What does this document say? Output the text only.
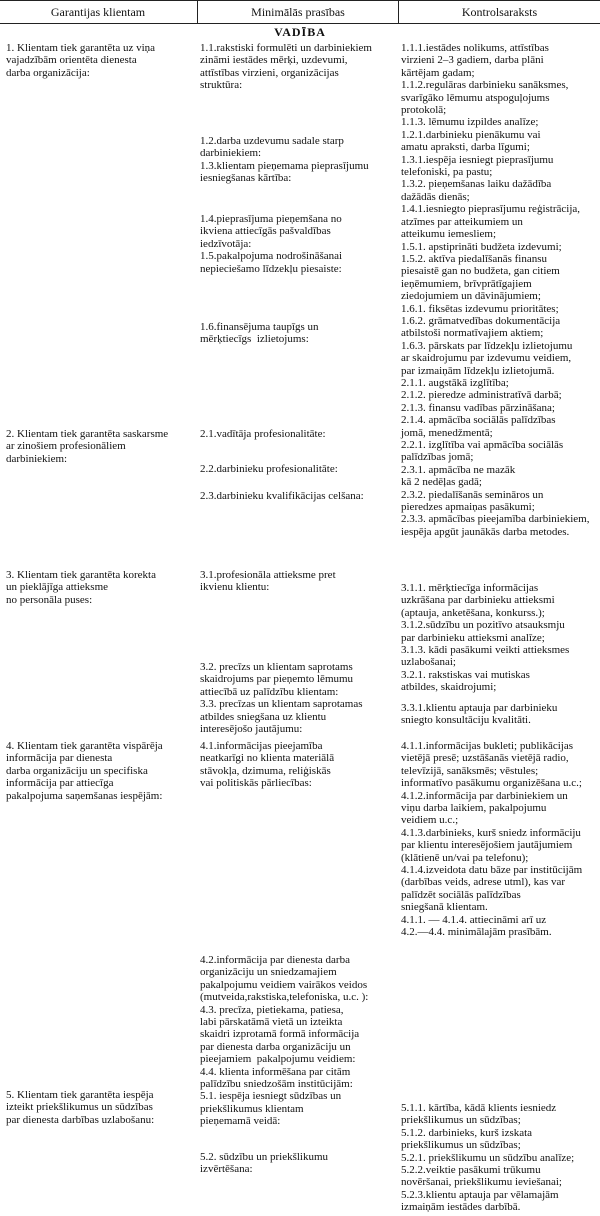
Garantijas klientam	Minimālās prasības	Kontrolsaraksts
VADĪBA
1. Klientam tiek garantēta uz viņa
vajadzībām orientēta dienesta
darba organizācija:
2. Klientam tiek garantēta saskarsme
ar zinošiem profesionāliem
darbiniekiem:
3. Klientam tiek garantēta korekta
un pieklājīga attieksme
no personāla puses:
4. Klientam tiek garantēta vispārēja
informācija par dienesta
darba organizāciju un specifiska
informācija par attiecīga
pakalpojuma saņemšanas iespējām:
5. Klientam tiek garantēta iespēja
izteikt priekšlikumus un sūdzības
par dienesta darbības uzlabošanu:
1.1.rakstiski formulēti un darbiniekiem
zināmi iestādes mērķi, uzdevumi,
attīstības virzieni, organizācijas
struktūra:
1.2.darba uzdevumu sadale starp
darbiniekiem:
1.3.klientam pieņemama pieprasījumu
iesniegšanas kārtība:
1.4.pieprasījuma pieņemšana no
ikviena attiecīgās pašvaldības
iedzīvotāja:
1.5.pakalpojuma nodrošināšanai
nepieciešamo līdzekļu piesaiste:
1.6.finansējuma taupīgs un
mērķtiecīgs  izlietojums:
2.1.vadītāja profesionalitāte:
2.2.darbinieku profesionalitāte:
2.3.darbinieku kvalifikācijas celšana:
3.1.profesionāla attieksme pret
ikvienu klientu:
3.2. precīzs un klientam saprotams
skaidrojums par pieņemto lēmumu
attiecībā uz palīdzību klientam:
3.3. precīzas un klientam saprotamas
atbildes sniegšana uz klientu
interesējošo jautājumu:
4.1.informācijas pieejamība
neatkarīgi no klienta materiālā
stāvokļa, dzimuma, reliģiskās
vai politiskās pārliecības:
4.2.informācija par dienesta darba
organizāciju un sniedzamajiem
pakalpojumu veidiem vairākos veidos
(mutveida,rakstiska,telefoniska, u.c. ):
4.3. precīza, pietiekama, patiesa,
labi pārskatāmā vietā un izteikta
skaidri izprotamā formā informācija
par dienesta darba organizāciju un
pieejamiem  pakalpojumu veidiem:
4.4. klienta informēšana par citām
palīdzību sniedzošām institūcijām:
5.1. iespēja iesniegt sūdzības un
priekšlikumus klientam
pieņemamā veidā:
5.2. sūdzību un priekšlikumu
izvērtēšana:
1.1.1.iestādes nolikums, attīstības
virzieni 2–3 gadiem, darba plāni
kārtējam gadam;
1.1.2.regulāras darbinieku sanāksmes,
svarīgāko lēmumu atspoguļojums
protokolā;
1.1.3. lēmumu izpildes analīze;
1.2.1.darbinieku pienākumu vai
amatu apraksti, darba līgumi;
1.3.1.iespēja iesniegt pieprasījumu
telefoniski, pa pastu;
1.3.2. pieņemšanas laiku dažādība
dažādās dienās;
1.4.1.iesniegto pieprasījumu reģistrācija,
atzīmes par atteikumiem un
atteikumu iemesliem;
1.5.1. apstiprināti budžeta izdevumi;
1.5.2. aktīva piedalīšanās finansu
piesaistē gan no budžeta, gan citiem
ieņēmumiem, brīvprātīgajiem
ziedojumiem un dāvinājumiem;
1.6.1. fiksētas izdevumu prioritātes;
1.6.2. grāmatvedības dokumentācija
atbilstoši normatīvajiem aktiem;
1.6.3. pārskats par līdzekļu izlietojumu
ar skaidrojumu par izdevumu veidiem,
par izmaiņām līdzekļu izlietojumā.
2.1.1. augstākā izglītība;
2.1.2. pieredze administratīvā darbā;
2.1.3. finansu vadības pārzināšana;
2.1.4. apmācība sociālās palīdzības
jomā, menedžmentā;
2.2.1. izglītība vai apmācība sociālās
palīdzības jomā;
2.3.1. apmācība ne mazāk
kā 2 nedēļas gadā;
2.3.2. piedalīšanās semināros un
pieredzes apmaiņas pasākumi;
2.3.3. apmācības pieejamība darbiniekiem,
iespēja apgūt jaunākās darba metodes.
3.1.1. mērķtiecīga informācijas
uzkrāšana par darbinieku attieksmi
(aptauja, anketēšana, konkurss.);
3.1.2.sūdzību un pozitīvo atsauksmju
par darbinieku attieksmi analīze;
3.1.3. kādi pasākumi veikti attieksmes
uzlabošanai;
3.2.1. rakstiskas vai mutiskas
atbildes, skaidrojumi;
3.3.1.klientu aptauja par darbinieku
sniegto konsultāciju kvalitāti.
4.1.1.informācijas bukleti; publikācijas
vietējā presē; uzstāšanās vietējā radio,
televīzijā, sanāksmēs; vēstules;
informatīvo pasākumu organizēšana u.c.;
4.1.2.informācija par darbiniekiem un
viņu darba laikiem, pakalpojumu
veidiem u.c.;
4.1.3.darbinieks, kurš sniedz informāciju
par klientu interesējošiem jautājumiem
(klātienē un/vai pa telefonu);
4.1.4.izveidota datu bāze par institūcijām
(darbības veids, adrese utml), kas var
palīdzēt sociālās palīdzības
sniegšanā klientam.
4.1.1. — 4.1.4. attiecināmi arī uz
4.2.—4.4. minimālajām prasībām.
5.1.1. kārtība, kādā klients iesniedz
priekšlikumus un sūdzības;
5.1.2. darbinieks, kurš izskata
priekšlikumus un sūdzības;
5.2.1. priekšlikumu un sūdzību analīze;
5.2.2.veiktie pasākumi trūkumu
novēršanai, priekšlikumu ieviešanai;
5.2.3.klientu aptauja par vēlamajām
izmaiņām iestādes darbībā.
